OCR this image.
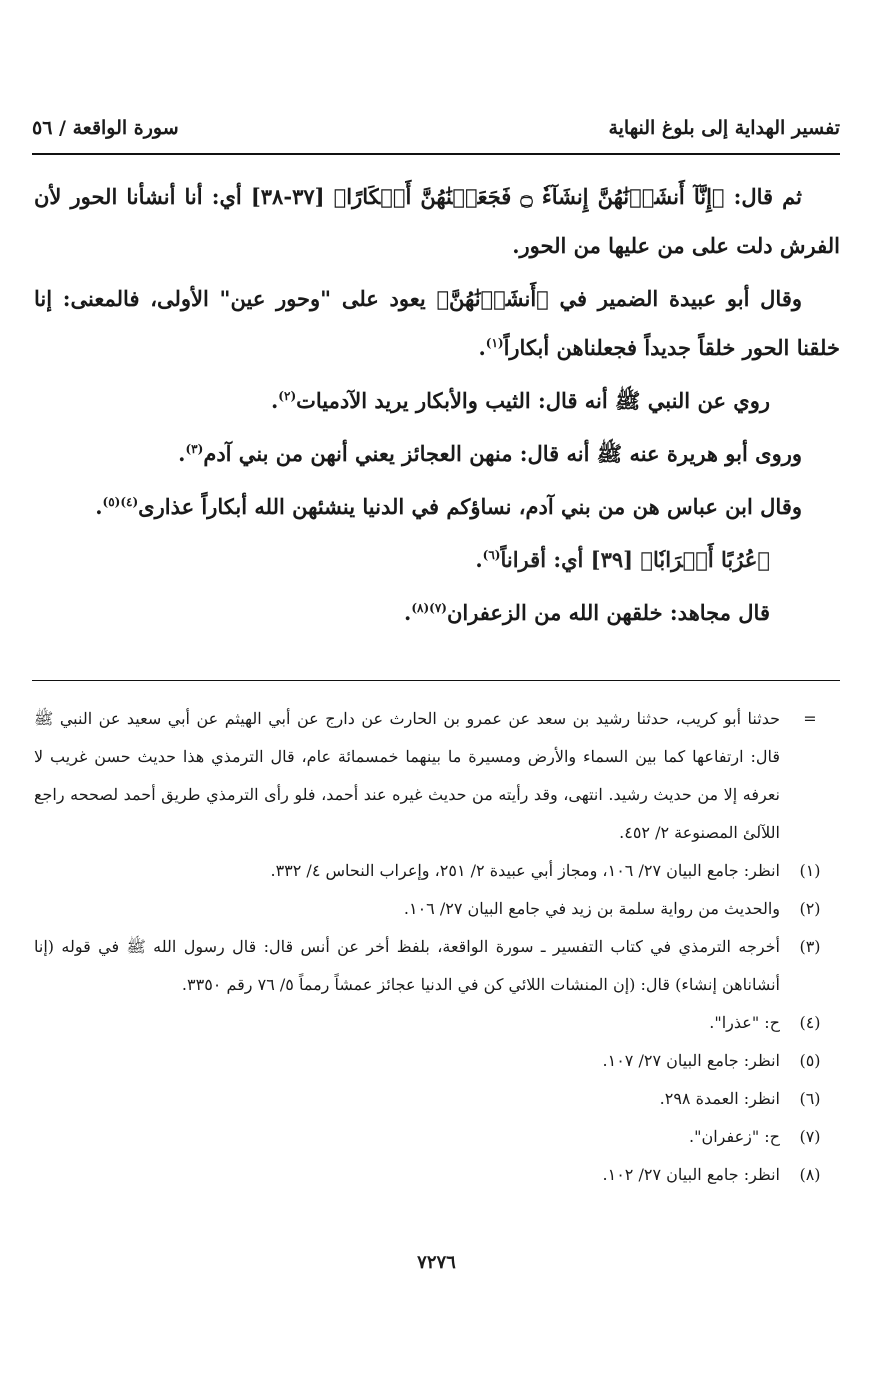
تفسير الهداية إلى بلوغ النهاية
سورة الواقعة / ٥٦

ثم قال: ﴿إِنَّآ أَنشَأۡنَٰهُنَّ إِنشَآءٗ ۝ فَجَعَلۡنَٰهُنَّ أَبۡكَارًا﴾ [٣٧-٣٨] أي: أنا أنشأنا الحور لأن الفرش دلت على من عليها من الحور.

وقال أبو عبيدة الضمير في ﴿أَنشَأۡنَٰهُنَّ﴾ يعود على "وحور عين" الأولى، فالمعنى: إنا خلقنا الحور خلقاً جديداً فجعلناهن أبكاراً$^{(١)}$.

روي عن النبي ﷺ أنه قال: الثيب والأبكار يريد الآدميات$^{(٢)}$.

وروى أبو هريرة عنه ﷺ أنه قال: منهن العجائز يعني أنهن من بني آدم$^{(٣)}$.

وقال ابن عباس هن من بني آدم، نساؤكم في الدنيا ينشئهن الله أبكاراً عذارى$^{(٤)(٥)}$.

﴿عُرُبًا أَتۡرَابٗا﴾ [٣٩] أي: أقراناً$^{(٦)}$.

قال مجاهد: خلقهن الله من الزعفران$^{(٧)(٨)}$.

=
حدثنا أبو كريب، حدثنا رشيد بن سعد عن عمرو بن الحارث عن دارج عن أبي الهيثم عن أبي سعيد عن النبي ﷺ قال: ارتفاعها كما بين السماء والأرض ومسيرة ما بينهما خمسمائة عام، قال الترمذي هذا حديث حسن غريب لا نعرفه إلا من حديث رشيد. انتهى، وقد رأيته من حديث غيره عند أحمد، فلو رأى الترمذي طريق أحمد لصححه راجع اللآلئ المصنوعة ٢/ ٤٥٢.
(١)
انظر: جامع البيان ٢٧/ ١٠٦، ومجاز أبي عبيدة ٢/ ٢٥١، وإعراب النحاس ٤/ ٣٣٢.
(٢)
والحديث من رواية سلمة بن زيد في جامع البيان ٢٧/ ١٠٦.
(٣)
أخرجه الترمذي في كتاب التفسير ـ سورة الواقعة، بلفظ أخر عن أنس قال: قال رسول الله ﷺ في قوله (إنا أنشاناهن إنشاء) قال: (إن المنشات اللائي كن في الدنيا عجائز عمشاً رمماً ٥/ ٧٦ رقم ٣٣٥٠.
(٤)
ح: "عذرا".
(٥)
انظر: جامع البيان ٢٧/ ١٠٧.
(٦)
انظر: العمدة ٢٩٨.
(٧)
ح: "زعفران".
(٨)
انظر: جامع البيان ٢٧/ ١٠٢.
٧٢٧٦
